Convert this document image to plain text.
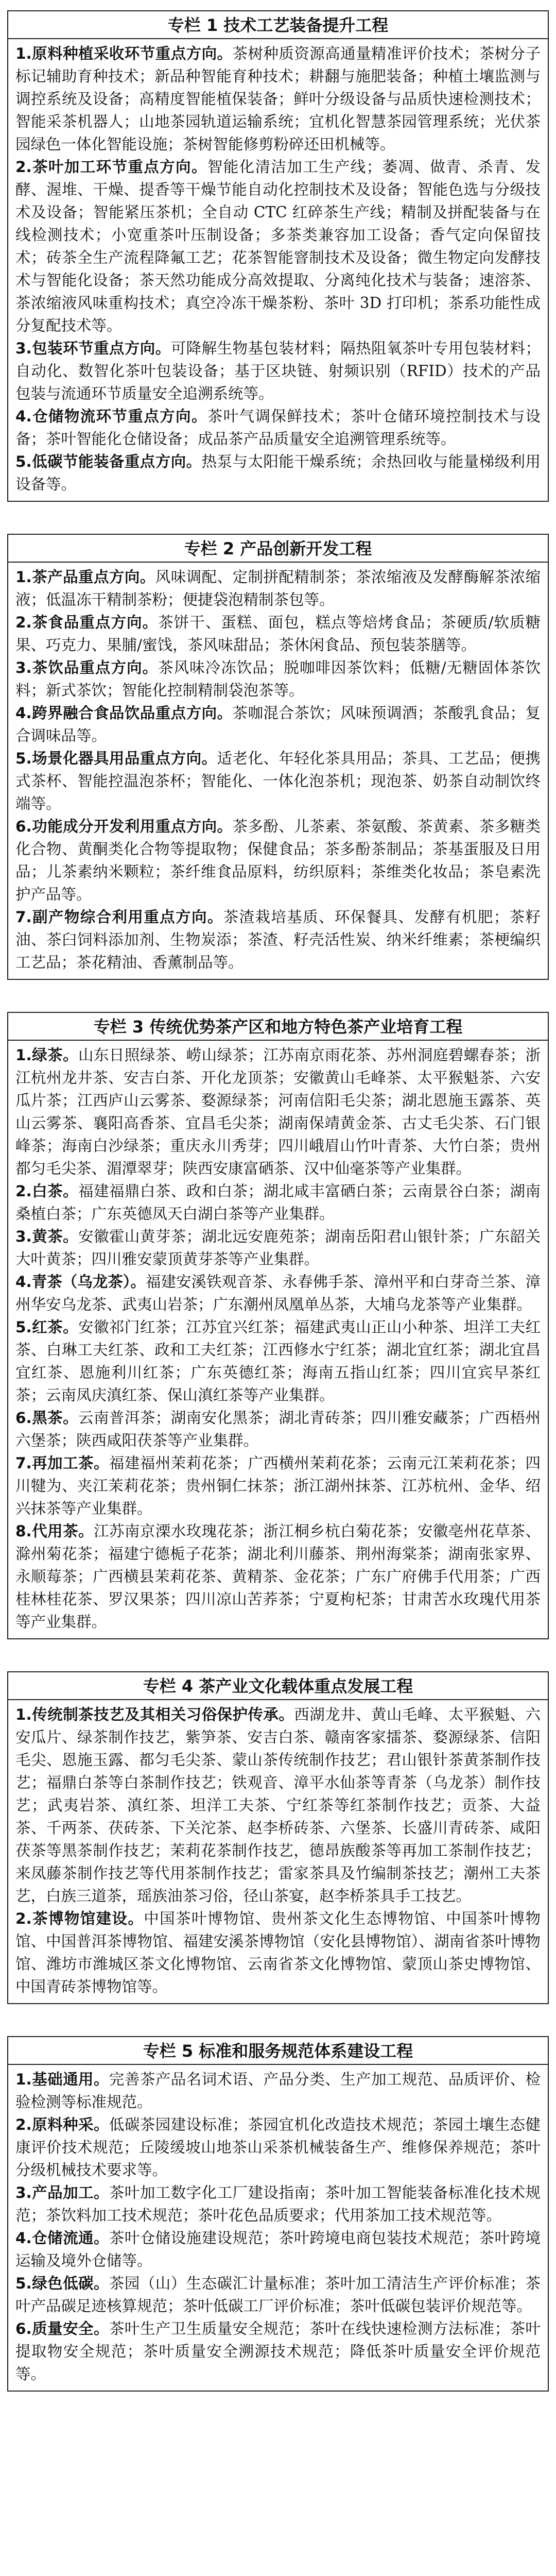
专栏 1 技术工艺装备提升工程

1.原料种植采收环节重点方向。茶树种质资源高通量精准评价技术；茶树分子标记辅助育种技术；新品种智能育种技术；耕翻与施肥装备；种植土壤监测与调控系统及设备；高精度智能植保装备；鲜叶分级设备与品质快速检测技术；智能采茶机器人；山地茶园轨道运输系统；宜机化智慧茶园管理系统；光伏茶园绿色一体化智能设施；茶树智能修剪粉碎还田机械等。

2.茶叶加工环节重点方向。智能化清洁加工生产线；萎凋、做青、杀青、发酵、渥堆、干燥、提香等干燥节能自动化控制技术及设备；智能色选与分级技术及设备；智能紧压茶机；全自动 CTC 红碎茶生产线；精制及拼配装备与在线检测技术；小宽重茶叶压制设备；多茶类兼容加工设备；香气定向保留技术；砖茶全生产流程降氟工艺；花茶智能窨制技术及设备；微生物定向发酵技术与智能化设备；茶天然功能成分高效提取、分离纯化技术与装备；速溶茶、茶浓缩液风味重构技术；真空冷冻干燥茶粉、茶叶 3D 打印机；茶系功能性成分复配技术等。

3.包装环节重点方向。可降解生物基包装材料；隔热阻氧茶叶专用包装材料；自动化、数智化茶叶包装设备；基于区块链、射频识别（RFID）技术的产品包装与流通环节质量安全追溯系统等。

4.仓储物流环节重点方向。茶叶气调保鲜技术；茶叶仓储环境控制技术与设备；茶叶智能化仓储设备；成品茶产品质量安全追溯管理系统等。

5.低碳节能装备重点方向。热泵与太阳能干燥系统；余热回收与能量梯级利用设备等。

专栏 2 产品创新开发工程

1.茶产品重点方向。风味调配、定制拼配精制茶；茶浓缩液及发酵酶解茶浓缩液；低温冻干精制茶粉；便捷袋泡精制茶包等。

2.茶食品重点方向。茶饼干、蛋糕、面包，糕点等焙烤食品；茶硬质/软质糖果、巧克力、果脯/蜜饯，茶风味甜品；茶休闲食品、预包装茶膳等。

3.茶饮品重点方向。茶风味冷冻饮品；脱咖啡因茶饮料；低糖/无糖固体茶饮料；新式茶饮；智能化控制精制袋泡茶等。

4.跨界融合食品饮品重点方向。茶咖混合茶饮；风味预调酒；茶酸乳食品；复合调味品等。

5.场景化器具用品重点方向。适老化、年轻化茶具用品；茶具、工艺品；便携式茶杯、智能控温泡茶杯；智能化、一体化泡茶机；现泡茶、奶茶自动制饮终端等。

6.功能成分开发利用重点方向。茶多酚、儿茶素、茶氨酸、茶黄素、茶多糖类化合物、黄酮类化合物等提取物；保健食品；茶多酚茶制品；茶基蛋服及日用品；儿茶素纳米颗粒；茶纤维食品原料，纺织原料；茶维类化妆品；茶皂素洗护产品等。

7.副产物综合利用重点方向。茶渣栽培基质、环保餐具、发酵有机肥；茶籽油、茶臼饲料添加剂、生物炭添；茶渣、籽壳活性炭、纳米纤维素；茶梗编织工艺品；茶花精油、香薰制品等。

专栏 3 传统优势茶产区和地方特色茶产业培育工程

1.绿茶。山东日照绿茶、崂山绿茶；江苏南京雨花茶、苏州洞庭碧螺春茶；浙江杭州龙井茶、安吉白茶、开化龙顶茶；安徽黄山毛峰茶、太平猴魁茶、六安瓜片茶；江西庐山云雾茶、婺源绿茶；河南信阳毛尖茶；湖北恩施玉露茶、英山云雾茶、襄阳高香茶、宜昌毛尖茶；湖南保靖黄金茶、古丈毛尖茶、石门银峰茶；海南白沙绿茶；重庆永川秀芽；四川峨眉山竹叶青茶、大竹白茶；贵州都匀毛尖茶、湄潭翠芽；陕西安康富硒茶、汉中仙毫茶等产业集群。

2.白茶。福建福鼎白茶、政和白茶；湖北咸丰富硒白茶；云南景谷白茶；湖南桑植白茶；广东英德凤天白湖白茶等产业集群。

3.黄茶。安徽霍山黄芽茶；湖北远安鹿苑茶；湖南岳阳君山银针茶；广东韶关大叶黄茶；四川雅安蒙顶黄芽茶等产业集群。

4.青茶（乌龙茶）。福建安溪铁观音茶、永春佛手茶、漳州平和白芽奇兰茶、漳州华安乌龙茶、武夷山岩茶；广东潮州凤凰单丛茶，大埔乌龙茶等产业集群。

5.红茶。安徽祁门红茶；江苏宜兴红茶；福建武夷山正山小种茶、坦洋工夫红茶、白琳工夫红茶、政和工夫红茶；江西修水宁红茶；湖北宜红茶；湖北宜昌宜红茶、恩施利川红茶；广东英德红茶；海南五指山红茶；四川宜宾早茶红茶；云南凤庆滇红茶、保山滇红茶等产业集群。

6.黑茶。云南普洱茶；湖南安化黑茶；湖北青砖茶；四川雅安藏茶；广西梧州六堡茶；陕西咸阳茯茶等产业集群。

7.再加工茶。福建福州茉莉花茶；广西横州茉莉花茶；云南元江茉莉花茶；四川犍为、夹江茉莉花茶；贵州铜仁抹茶；浙江湖州抹茶、江苏杭州、金华、绍兴抹茶等产业集群。

8.代用茶。江苏南京溧水玫瑰花茶；浙江桐乡杭白菊花茶；安徽亳州花草茶、滁州菊花茶；福建宁德栀子花茶；湖北利川藤茶、荆州海棠茶；湖南张家界、永顺莓茶；广西横县茉莉花茶、黄精茶、金花茶；广东广府佛手代用茶；广西桂林桂花茶、罗汉果茶；四川凉山苦荞茶；宁夏枸杞茶；甘肃苦水玫瑰代用茶等产业集群。

专栏 4 茶产业文化载体重点发展工程

1.传统制茶技艺及其相关习俗保护传承。西湖龙井、黄山毛峰、太平猴魁、六安瓜片、绿茶制作技艺，紫笋茶、安吉白茶、赣南客家擂茶、婺源绿茶、信阳毛尖、恩施玉露、都匀毛尖茶、蒙山茶传统制作技艺；君山银针茶黄茶制作技艺；福鼎白茶等白茶制作技艺；铁观音、漳平水仙茶等青茶（乌龙茶）制作技艺；武夷岩茶、滇红茶、坦洋工夫茶、宁红茶等红茶制作技艺；贡茶、大益茶、千两茶、茯砖茶、下关沱茶、赵李桥砖茶、六堡茶、长盛川青砖茶、咸阳茯茶等黑茶制作技艺；茉莉花茶制作技艺，德昂族酸茶等再加工茶制作技艺；来凤藤茶制作技艺等代用茶制作技艺；雷家茶具及竹编制茶技艺；潮州工夫茶艺，白族三道茶，瑶族油茶习俗，径山茶宴，赵李桥茶具手工技艺。

2.茶博物馆建设。中国茶叶博物馆、贵州茶文化生态博物馆、中国茶叶博物馆、中国普洱茶博物馆、福建安溪茶博物馆（安化县博物馆）、湖南省茶叶博物馆、潍坊市潍城区茶文化博物馆、云南省茶文化博物馆、蒙顶山茶史博物馆、中国青砖茶博物馆等。

专栏 5 标准和服务规范体系建设工程

1.基础通用。完善茶产品名词术语、产品分类、生产加工规范、品质评价、检验检测等标准规范。

2.原料种采。低碳茶园建设标准；茶园宜机化改造技术规范；茶园土壤生态健康评价技术规范；丘陵缓坡山地茶山采茶机械装备生产、维修保养规范；茶叶分级机械技术要求等。

3.产品加工。茶叶加工数字化工厂建设指南；茶叶加工智能装备标准化技术规范；茶饮料加工技术规范；茶叶花色品质要求；代用茶加工技术规范等。

4.仓储流通。茶叶仓储设施建设规范；茶叶跨境电商包装技术规范；茶叶跨境运输及境外仓储等。

5.绿色低碳。茶园（山）生态碳汇计量标准；茶叶加工清洁生产评价标准；茶叶产品碳足迹核算规范；茶叶低碳工厂评价标准；茶叶低碳包装评价规范等。

6.质量安全。茶叶生产卫生质量安全规范；茶叶在线快速检测方法标准；茶叶提取物安全规范；茶叶质量安全溯源技术规范；降低茶叶质量安全评价规范等。
